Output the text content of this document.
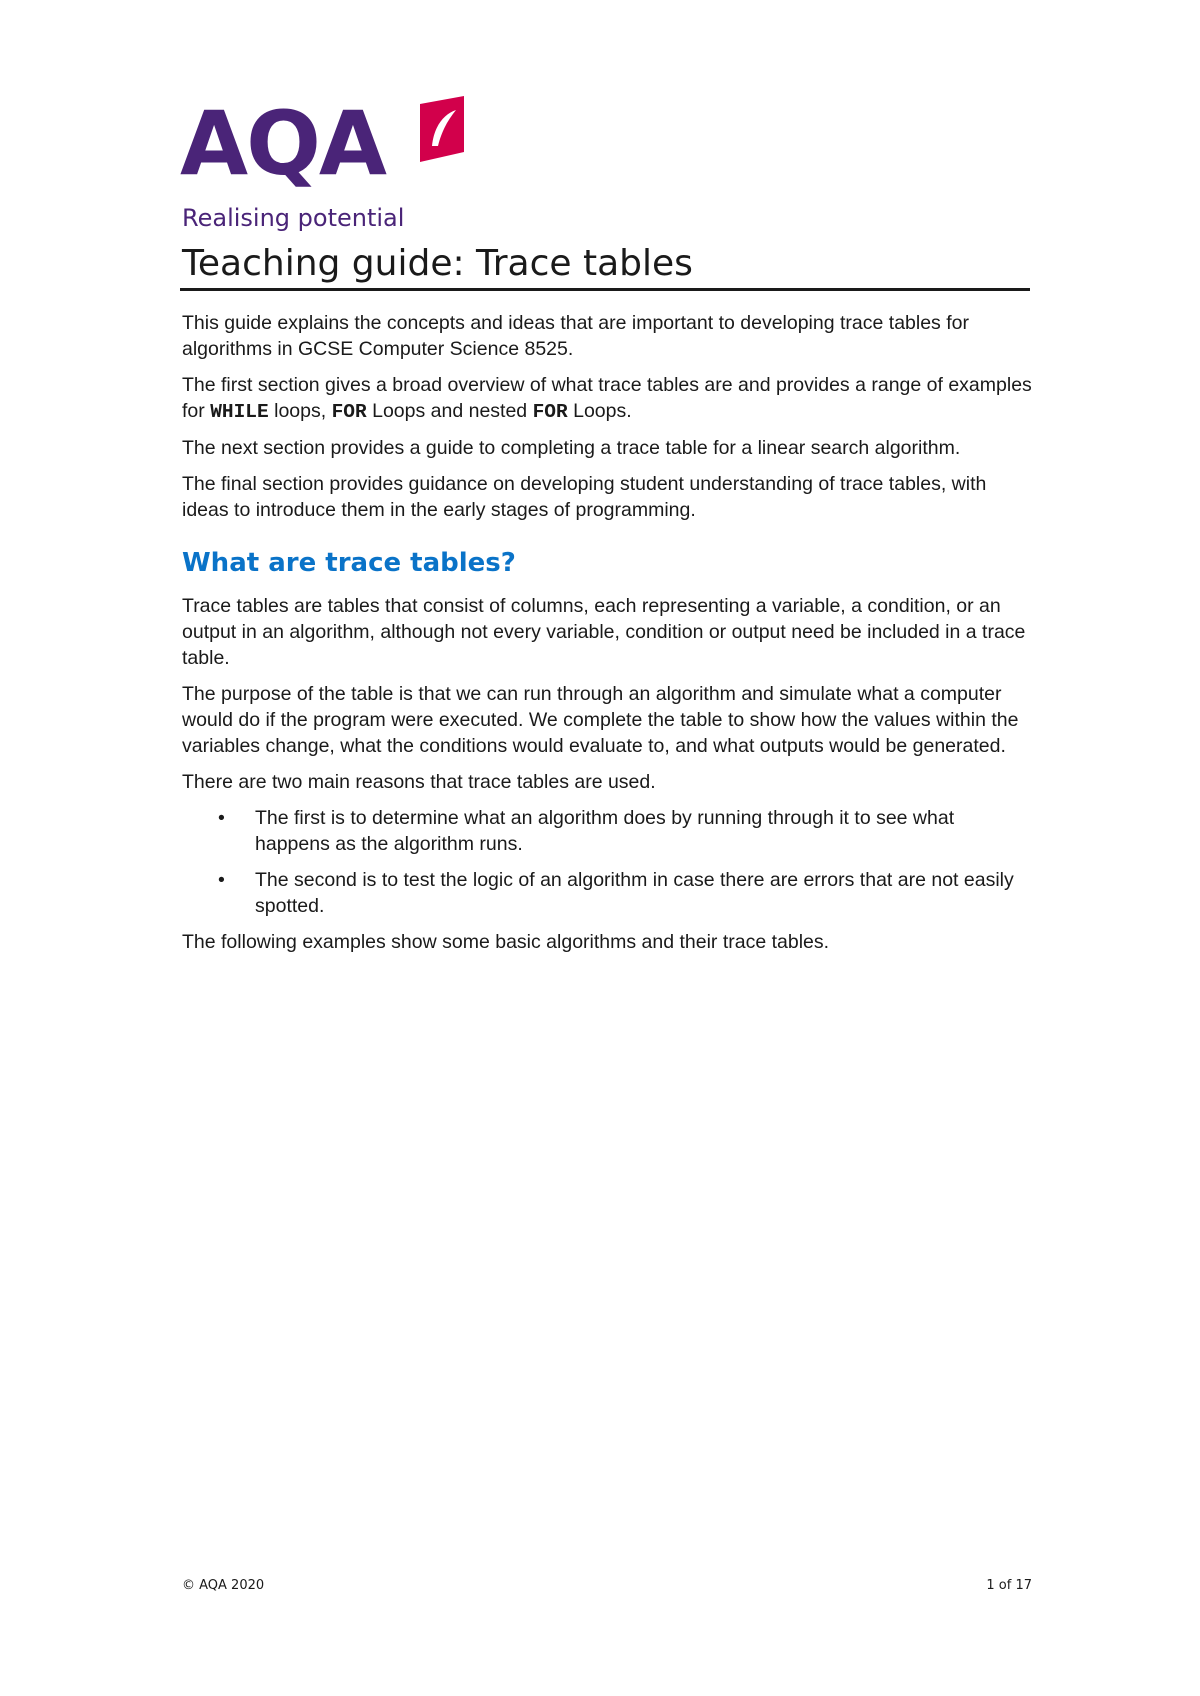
AQA
Realising potential
Teaching guide: Trace tables

This guide explains the concepts and ideas that are important to developing trace tables for algorithms in GCSE Computer Science 8525.

The first section gives a broad overview of what trace tables are and provides a range of examples for WHILE loops, FOR Loops and nested FOR Loops.

The next section provides a guide to completing a trace table for a linear search algorithm.

The final section provides guidance on developing student understanding of trace tables, with ideas to introduce them in the early stages of programming.

What are trace tables?

Trace tables are tables that consist of columns, each representing a variable, a condition, or an output in an algorithm, although not every variable, condition or output need be included in a trace table.

The purpose of the table is that we can run through an algorithm and simulate what a computer would do if the program were executed. We complete the table to show how the values within the variables change, what the conditions would evaluate to, and what outputs would be generated.

There are two main reasons that trace tables are used.

• The first is to determine what an algorithm does by running through it to see what happens as the algorithm runs.
• The second is to test the logic of an algorithm in case there are errors that are not easily spotted.

The following examples show some basic algorithms and their trace tables.

© AQA 2020	1 of 17
